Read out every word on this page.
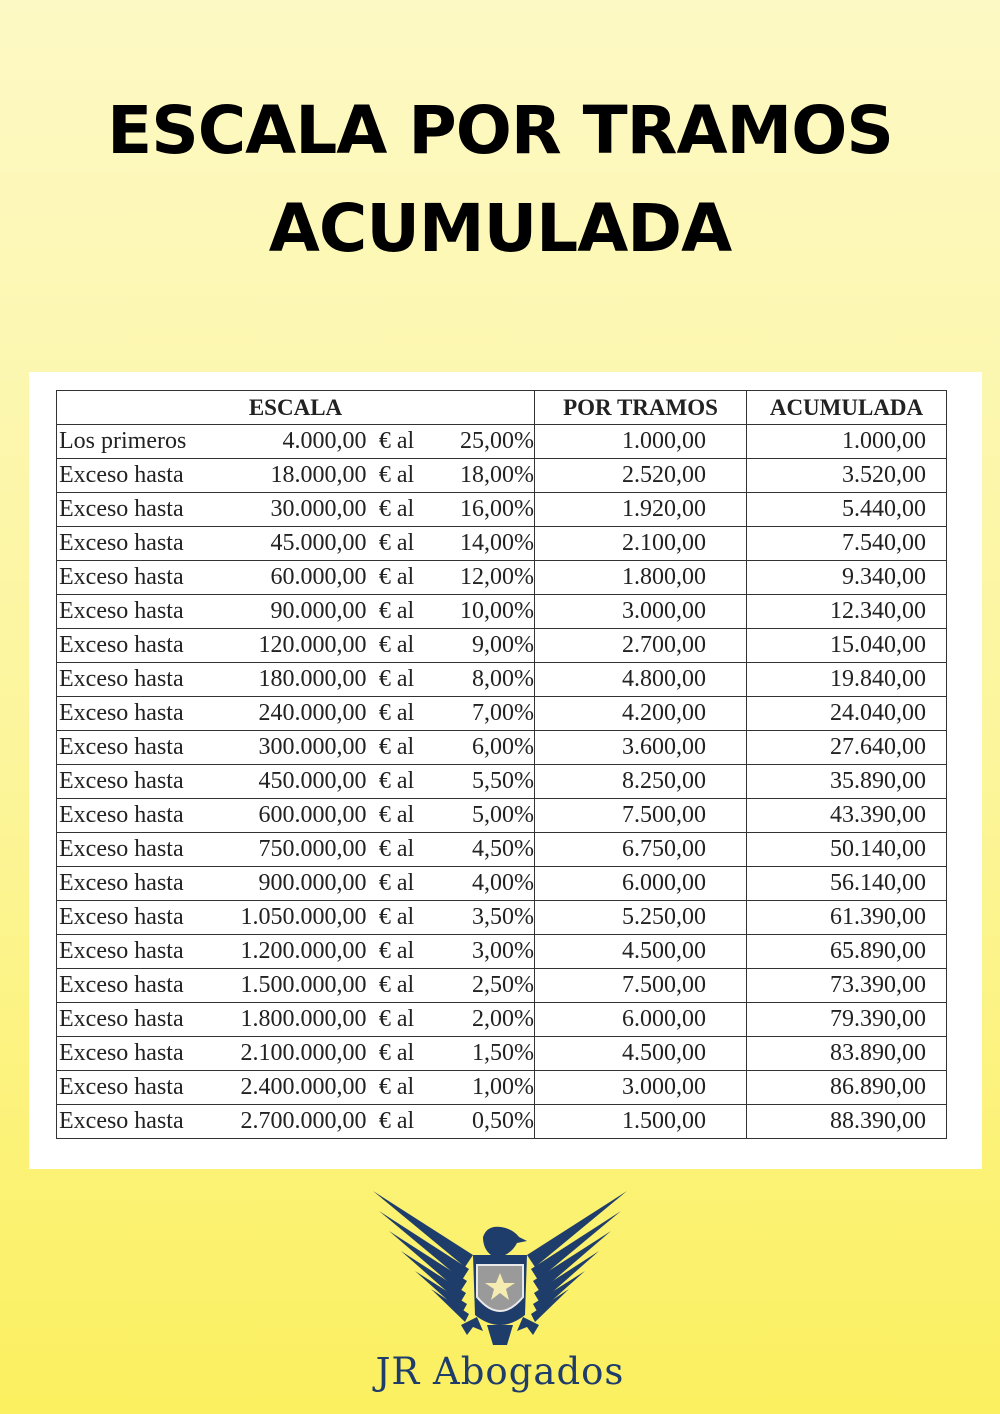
ESCALA POR TRAMOS
ACUMULADA
ESCALA				POR TRAMOS	ACUMULADA
Los primeros	4.000,00	€ al	25,00%	1.000,00	1.000,00
Exceso hasta	18.000,00	€ al	18,00%	2.520,00	3.520,00
Exceso hasta	30.000,00	€ al	16,00%	1.920,00	5.440,00
Exceso hasta	45.000,00	€ al	14,00%	2.100,00	7.540,00
Exceso hasta	60.000,00	€ al	12,00%	1.800,00	9.340,00
Exceso hasta	90.000,00	€ al	10,00%	3.000,00	12.340,00
Exceso hasta	120.000,00	€ al	9,00%	2.700,00	15.040,00
Exceso hasta	180.000,00	€ al	8,00%	4.800,00	19.840,00
Exceso hasta	240.000,00	€ al	7,00%	4.200,00	24.040,00
Exceso hasta	300.000,00	€ al	6,00%	3.600,00	27.640,00
Exceso hasta	450.000,00	€ al	5,50%	8.250,00	35.890,00
Exceso hasta	600.000,00	€ al	5,00%	7.500,00	43.390,00
Exceso hasta	750.000,00	€ al	4,50%	6.750,00	50.140,00
Exceso hasta	900.000,00	€ al	4,00%	6.000,00	56.140,00
Exceso hasta	1.050.000,00	€ al	3,50%	5.250,00	61.390,00
Exceso hasta	1.200.000,00	€ al	3,00%	4.500,00	65.890,00
Exceso hasta	1.500.000,00	€ al	2,50%	7.500,00	73.390,00
Exceso hasta	1.800.000,00	€ al	2,00%	6.000,00	79.390,00
Exceso hasta	2.100.000,00	€ al	1,50%	4.500,00	83.890,00
Exceso hasta	2.400.000,00	€ al	1,00%	3.000,00	86.890,00
Exceso hasta	2.700.000,00	€ al	0,50%	1.500,00	88.390,00
JR Abogados
